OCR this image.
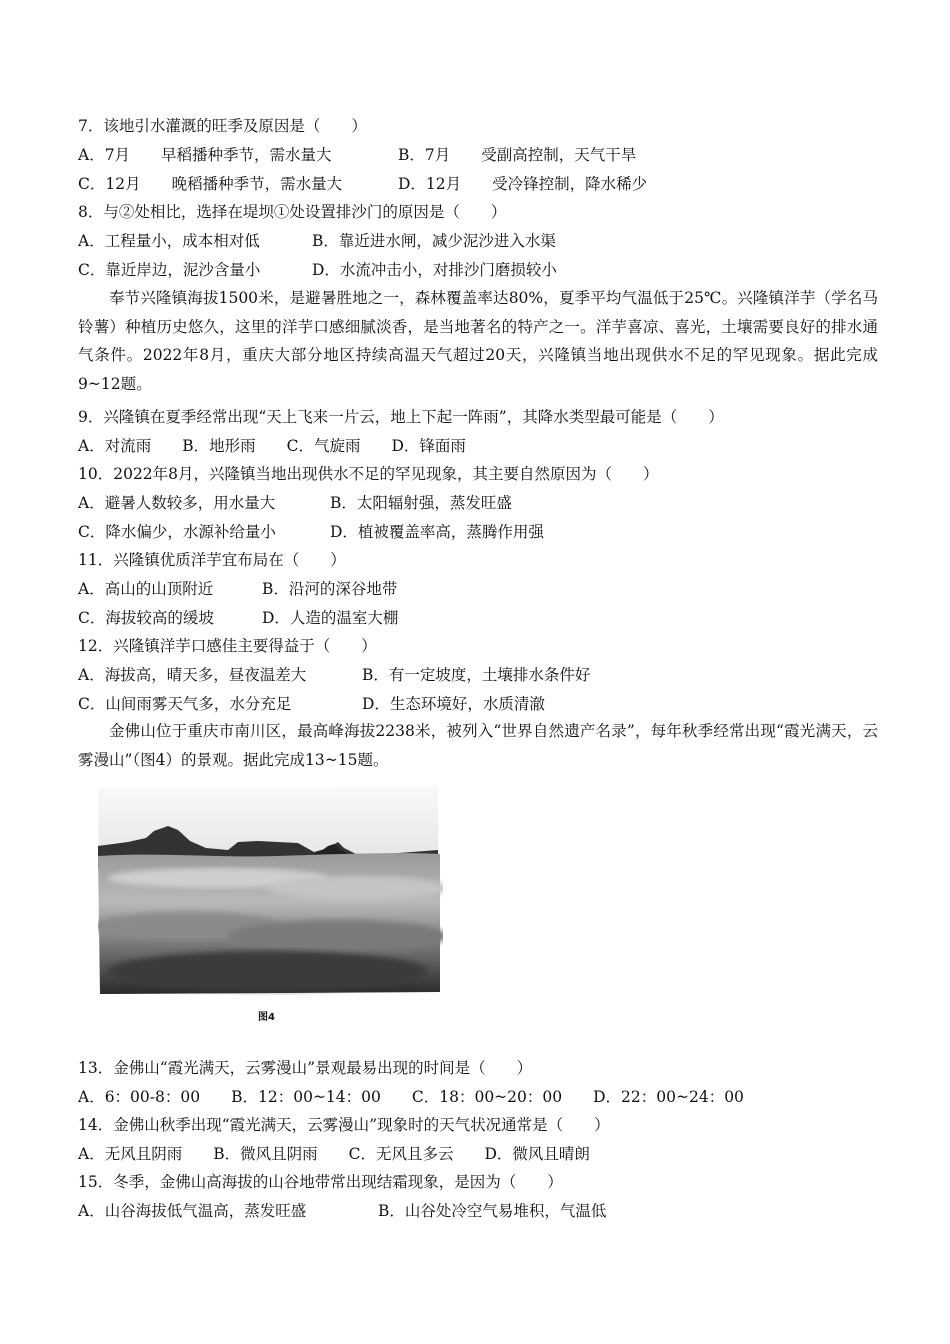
7．该地引水灌溉的旺季及原因是（　　）
A．7月　　早稻播种季节，需水量大	B．7月　　受副高控制，天气干旱
C．12月　　晚稻播种季节，需水量大	D．12月　　受冷锋控制，降水稀少
8．与②处相比，选择在堤坝①处设置排沙门的原因是（　　）
A．工程量小，成本相对低	B．靠近进水闸，减少泥沙进入水渠
C．靠近岸边，泥沙含量小	D．水流冲击小，对排沙门磨损较小
奉节兴隆镇海拔1500米，是避暑胜地之一，森林覆盖率达80%，夏季平均气温低于25℃。兴隆镇洋芋（学名马铃薯）种植历史悠久，这里的洋芋口感细腻淡香，是当地著名的特产之一。洋芋喜凉、喜光，土壤需要良好的排水通气条件。2022年8月，重庆大部分地区持续高温天气超过20天，兴隆镇当地出现供水不足的罕见现象。据此完成9~12题。
9．兴隆镇在夏季经常出现“天上飞来一片云，地上下起一阵雨”，其降水类型最可能是（　　）
A．对流雨　　B．地形雨　　C．气旋雨　　D．锋面雨
10．2022年8月，兴隆镇当地出现供水不足的罕见现象，其主要自然原因为（　　）
A．避暑人数较多，用水量大	B．太阳辐射强，蒸发旺盛
C．降水偏少，水源补给量小	D．植被覆盖率高，蒸腾作用强
11．兴隆镇优质洋芋宜布局在（　　）
A．高山的山顶附近	B．沿河的深谷地带
C．海拔较高的缓坡	D．人造的温室大棚
12．兴隆镇洋芋口感佳主要得益于（　　）
A．海拔高，晴天多，昼夜温差大	B．有一定坡度，土壤排水条件好
C．山间雨雾天气多，水分充足	D．生态环境好，水质清澈
金佛山位于重庆市南川区，最高峰海拔2238米，被列入“世界自然遗产名录”，每年秋季经常出现“霞光满天，云雾漫山”（图4）的景观。据此完成13~15题。
图4
13．金佛山“霞光满天，云雾漫山”景观最易出现的时间是（　　）
A．6：00-8：00　　B．12：00~14：00　　C．18：00~20：00　　D．22：00~24：00
14．金佛山秋季出现“霞光满天，云雾漫山”现象时的天气状况通常是（　　）
A．无风且阴雨　　B．微风且阴雨　　C．无风且多云　　D．微风且晴朗
15．冬季，金佛山高海拔的山谷地带常出现结霜现象，是因为（　　）
A．山谷海拔低气温高，蒸发旺盛	B．山谷处冷空气易堆积，气温低
